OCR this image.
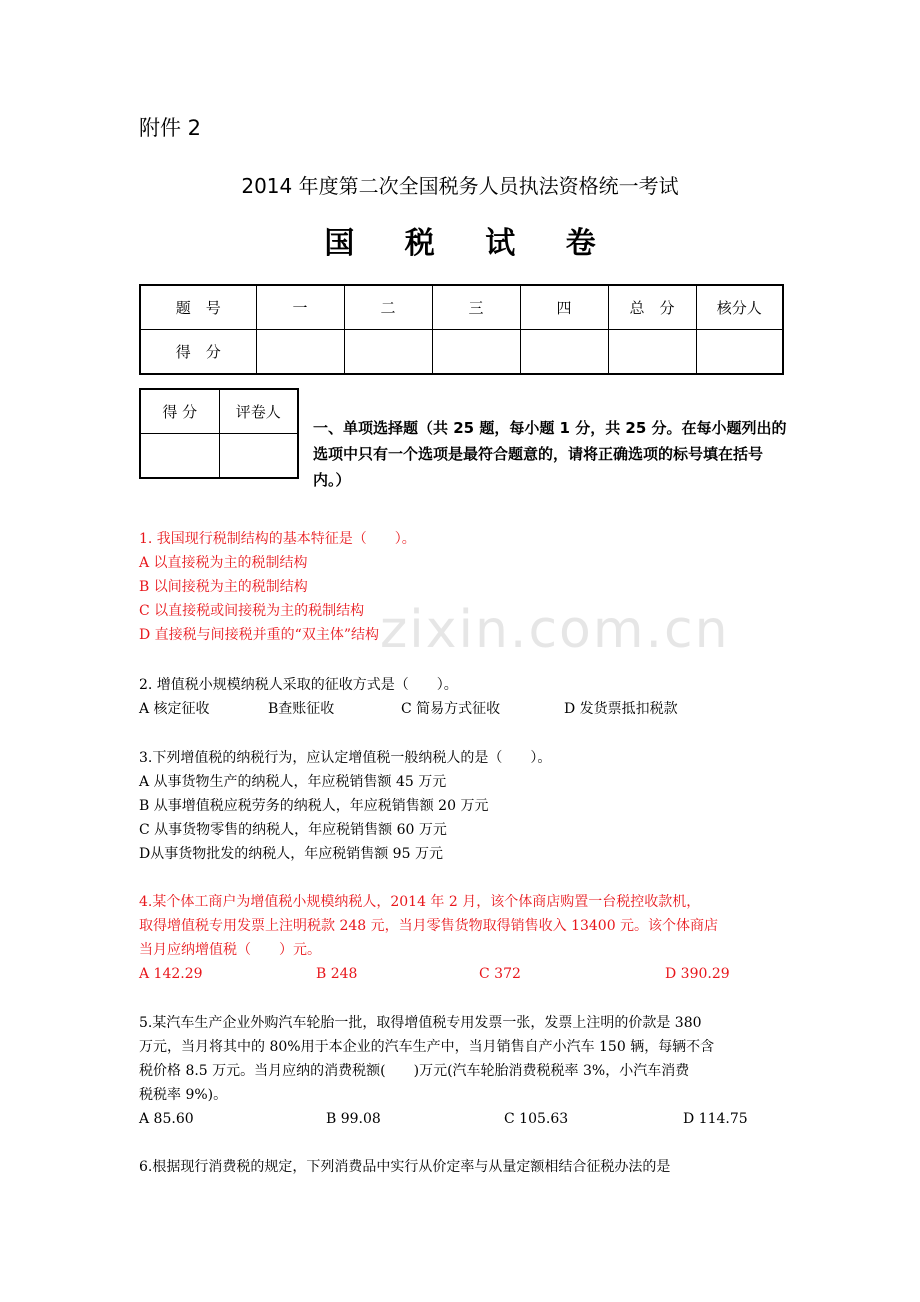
zixin.com.cn
附件 2
2014 年度第二次全国税务人员执法资格统一考试
国 税 试 卷
题　号	一	二	三	四	总　分	核分人
得　分						
得 分	评卷人

一、单项选择题（共 25 题，每小题 1 分，共 25 分。在每小题列出的选项中只有一个选项是最符合题意的，请将正确选项的标号填在括号内。）
1. 我国现行税制结构的基本特征是（　　）。
A 以直接税为主的税制结构
B 以间接税为主的税制结构
C 以直接税或间接税为主的税制结构
D 直接税与间接税并重的“双主体”结构
2. 增值税小规模纳税人采取的征收方式是（　　）。
A 核定征收	B查账征收	C 简易方式征收	D 发货票抵扣税款
3.下列增值税的纳税行为，应认定增值税一般纳税人的是（　　）。
A 从事货物生产的纳税人，年应税销售额 45 万元
B 从事增值税应税劳务的纳税人，年应税销售额 20 万元
C 从事货物零售的纳税人，年应税销售额 60 万元
D从事货物批发的纳税人，年应税销售额 95 万元
4.某个体工商户为增值税小规模纳税人，2014 年 2 月，该个体商店购置一台税控收款机，
取得增值税专用发票上注明税款 248 元，当月零售货物取得销售收入 13400 元。该个体商店
当月应纳增值税（　　）元。
A 142.29	B 248	C 372	D 390.29
5.某汽车生产企业外购汽车轮胎一批，取得增值税专用发票一张，发票上注明的价款是 380
万元，当月将其中的 80%用于本企业的汽车生产中，当月销售自产小汽车 150 辆，每辆不含
税价格 8.5 万元。当月应纳的消费税额(　　)万元(汽车轮胎消费税税率 3%，小汽车消费
税税率 9%)。
A 85.60	B 99.08	C 105.63	D 114.75
6.根据现行消费税的规定，下列消费品中实行从价定率与从量定额相结合征税办法的是
